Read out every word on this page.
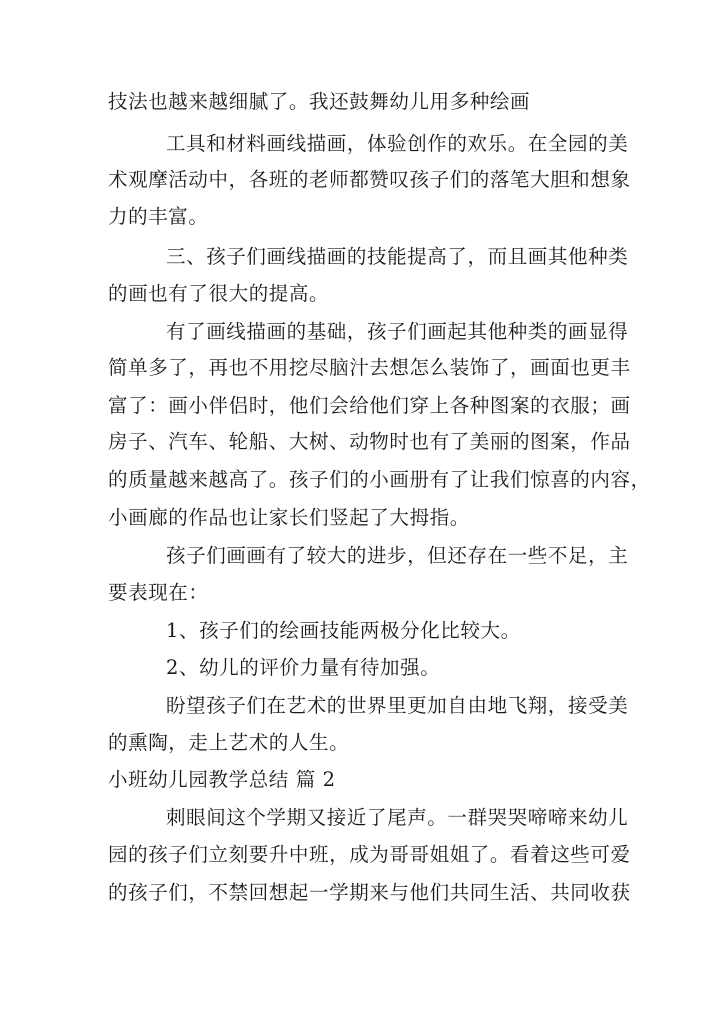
技法也越来越细腻了。我还鼓舞幼儿用多种绘画
工具和材料画线描画，体验创作的欢乐。在全园的美
术观摩活动中，各班的老师都赞叹孩子们的落笔大胆和想象
力的丰富。
三、孩子们画线描画的技能提高了，而且画其他种类
的画也有了很大的提高。
有了画线描画的基础，孩子们画起其他种类的画显得
简单多了，再也不用挖尽脑汁去想怎么装饰了，画面也更丰
富了：画小伴侣时，他们会给他们穿上各种图案的衣服；画
房子、汽车、轮船、大树、动物时也有了美丽的图案，作品
的质量越来越高了。孩子们的小画册有了让我们惊喜的内容，
小画廊的作品也让家长们竖起了大拇指。
孩子们画画有了较大的进步，但还存在一些不足，主
要表现在：
1、孩子们的绘画技能两极分化比较大。
2、幼儿的评价力量有待加强。
盼望孩子们在艺术的世界里更加自由地飞翔，接受美
的熏陶，走上艺术的人生。
小班幼儿园教学总结 篇 2
刺眼间这个学期又接近了尾声。一群哭哭啼啼来幼儿
园的孩子们立刻要升中班，成为哥哥姐姐了。看着这些可爱
的孩子们，不禁回想起一学期来与他们共同生活、共同收获
